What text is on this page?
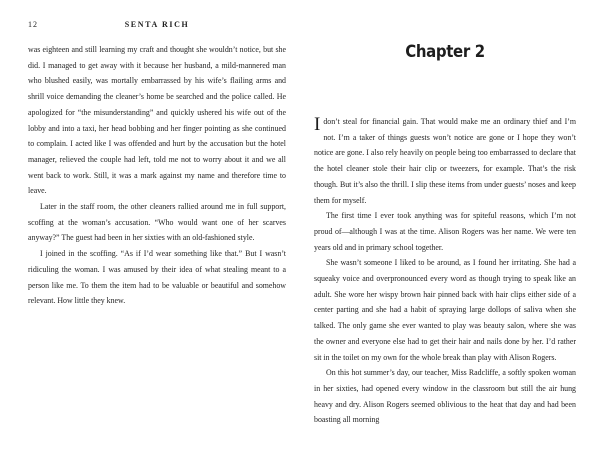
12	SENTA RICH

was eighteen and still learning my craft and thought she wouldn’t notice, but she did. I managed to get away with it because her husband, a mild-mannered man who blushed easily, was mortally embarrassed by his wife’s flailing arms and shrill voice demanding the cleaner’s home be searched and the police called. He apologized for “the misunderstanding” and quickly ushered his wife out of the lobby and into a taxi, her head bobbing and her finger pointing as she continued to complain. I acted like I was offended and hurt by the accusation but the hotel manager, relieved the couple had left, told me not to worry about it and we all went back to work. Still, it was a mark against my name and therefore time to leave.

Later in the staff room, the other cleaners rallied around me in full support, scoffing at the woman’s accusation. “Who would want one of her scarves anyway?” The guest had been in her sixties with an old-fashioned style.

I joined in the scoffing. “As if I’d wear something like that.” But I wasn’t ridiculing the woman. I was amused by their idea of what stealing meant to a person like me. To them the item had to be valuable or beautiful and somehow relevant. How little they knew.

Chapter 2

Idon’t steal for financial gain. That would make me an ordinary thief and I’m not. I’m a taker of things guests won’t notice are gone or I hope they won’t notice are gone. I also rely heavily on people being too embarrassed to declare that the hotel cleaner stole their hair clip or tweezers, for example. That’s the risk though. But it’s also the thrill. I slip these items from under guests’ noses and keep them for myself.

The first time I ever took anything was for spiteful reasons, which I’m not proud of—although I was at the time. Alison Rogers was her name. We were ten years old and in primary school together.

She wasn’t someone I liked to be around, as I found her irritating. She had a squeaky voice and overpronounced every word as though trying to speak like an adult. She wore her wispy brown hair pinned back with hair clips either side of a center parting and she had a habit of spraying large dollops of saliva when she talked. The only game she ever wanted to play was beauty salon, where she was the owner and everyone else had to get their hair and nails done by her. I’d rather sit in the toilet on my own for the whole break than play with Alison Rogers.

On this hot summer’s day, our teacher, Miss Radcliffe, a softly spoken woman in her sixties, had opened every window in the classroom but still the air hung heavy and dry. Alison Rogers seemed oblivious to the heat that day and had been boasting all morning
